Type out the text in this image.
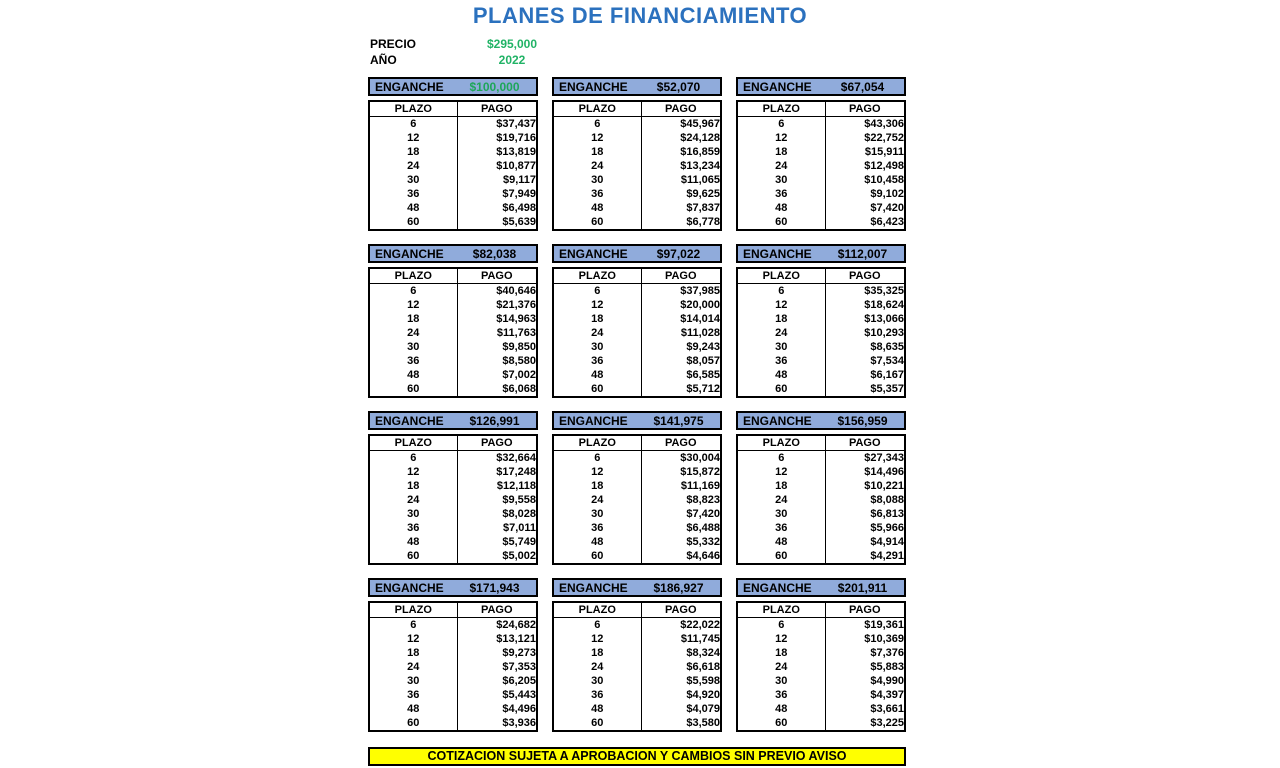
PLANES DE FINANCIAMIENTO
PRECIO	$295,000
AÑO	2022
ENGANCHE	$100,000
PLAZO	PAGO
6	$37,437
12	$19,716
18	$13,819
24	$10,877
30	$9,117
36	$7,949
48	$6,498
60	$5,639
ENGANCHE	$52,070
PLAZO	PAGO
6	$45,967
12	$24,128
18	$16,859
24	$13,234
30	$11,065
36	$9,625
48	$7,837
60	$6,778
ENGANCHE	$67,054
PLAZO	PAGO
6	$43,306
12	$22,752
18	$15,911
24	$12,498
30	$10,458
36	$9,102
48	$7,420
60	$6,423
ENGANCHE	$82,038
PLAZO	PAGO
6	$40,646
12	$21,376
18	$14,963
24	$11,763
30	$9,850
36	$8,580
48	$7,002
60	$6,068
ENGANCHE	$97,022
PLAZO	PAGO
6	$37,985
12	$20,000
18	$14,014
24	$11,028
30	$9,243
36	$8,057
48	$6,585
60	$5,712
ENGANCHE	$112,007
PLAZO	PAGO
6	$35,325
12	$18,624
18	$13,066
24	$10,293
30	$8,635
36	$7,534
48	$6,167
60	$5,357
ENGANCHE	$126,991
PLAZO	PAGO
6	$32,664
12	$17,248
18	$12,118
24	$9,558
30	$8,028
36	$7,011
48	$5,749
60	$5,002
ENGANCHE	$141,975
PLAZO	PAGO
6	$30,004
12	$15,872
18	$11,169
24	$8,823
30	$7,420
36	$6,488
48	$5,332
60	$4,646
ENGANCHE	$156,959
PLAZO	PAGO
6	$27,343
12	$14,496
18	$10,221
24	$8,088
30	$6,813
36	$5,966
48	$4,914
60	$4,291
ENGANCHE	$171,943
PLAZO	PAGO
6	$24,682
12	$13,121
18	$9,273
24	$7,353
30	$6,205
36	$5,443
48	$4,496
60	$3,936
ENGANCHE	$186,927
PLAZO	PAGO
6	$22,022
12	$11,745
18	$8,324
24	$6,618
30	$5,598
36	$4,920
48	$4,079
60	$3,580
ENGANCHE	$201,911
PLAZO	PAGO
6	$19,361
12	$10,369
18	$7,376
24	$5,883
30	$4,990
36	$4,397
48	$3,661
60	$3,225
COTIZACION SUJETA A APROBACION Y CAMBIOS SIN PREVIO AVISO
